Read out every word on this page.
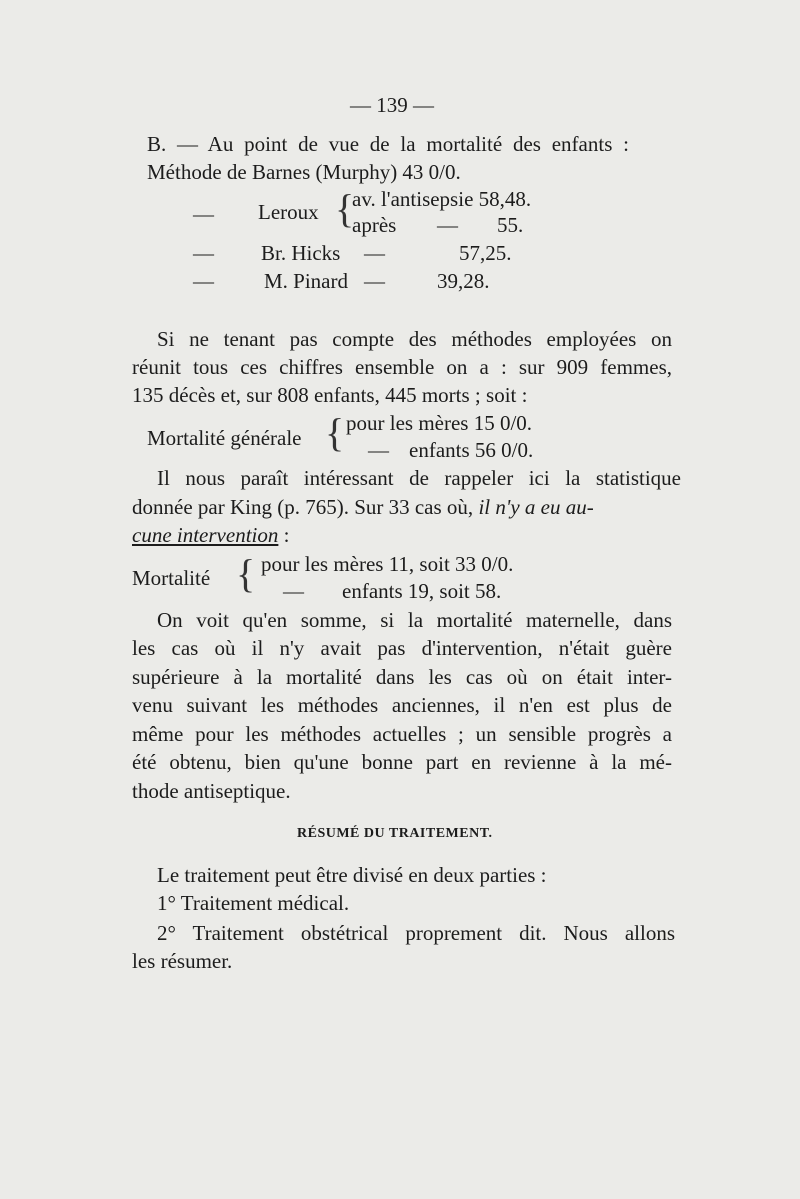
— 139 —
B. — Au point de vue de la mortalité des enfants :
Méthode de Barnes (Murphy) 43 0/0.
— Leroux {
av. l'antisepsie 58,48.
après — 55.
— Br. Hicks —	57,25.
— M. Pinard — 39,28.
Si ne tenant pas compte des méthodes employées on
réunit tous ces chiffres ensemble on a : sur 909 femmes,
135 décès et, sur 808 enfants, 445 morts ; soit :
Mortalité générale { pour les mères 15 0/0.
— enfants 56 0/0.
Il nous paraît intéressant de rappeler ici la statistique
donnée par King (p. 765). Sur 33 cas où, il n'y a eu au-
cune intervention :
Mortalité { pour les mères 11, soit 33 0/0.
— enfants 19, soit 58.
On voit qu'en somme, si la mortalité maternelle, dans
les cas où il n'y avait pas d'intervention, n'était guère
supérieure à la mortalité dans les cas où on était inter-
venu suivant les méthodes anciennes, il n'en est plus de
même pour les méthodes actuelles ; un sensible progrès a
été obtenu, bien qu'une bonne part en revienne à la mé-
thode antiseptique.
RÉSUMÉ DU TRAITEMENT.
Le traitement peut être divisé en deux parties :
1° Traitement médical.
2° Traitement obstétrical proprement dit. Nous allons
les résumer.
